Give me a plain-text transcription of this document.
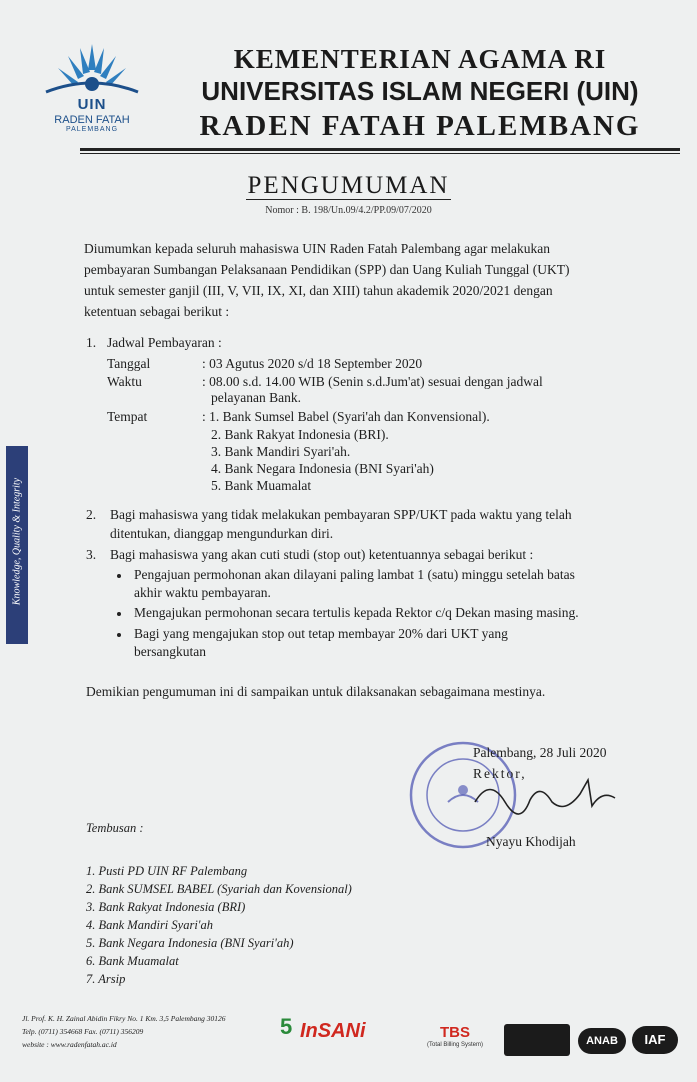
UIN
RADEN FATAH
PALEMBANG
KEMENTERIAN AGAMA RI
UNIVERSITAS ISLAM NEGERI (UIN)
RADEN FATAH PALEMBANG
PENGUMUMAN
Nomor : B. 198/Un.09/4.2/PP.09/07/2020
Diumumkan kepada seluruh mahasiswa UIN Raden Fatah Palembang agar melakukan
pembayaran Sumbangan Pelaksanaan Pendidikan (SPP) dan Uang Kuliah Tunggal (UKT)
untuk semester ganjil (III, V, VII, IX, XI, dan XIII) tahun akademik 2020/2021 dengan
ketentuan sebagai berikut :
1. Jadwal Pembayaran :
Tanggal	: 03 Agutus 2020 s/d 18 September 2020
Waktu	: 08.00 s.d. 14.00 WIB (Senin s.d.Jum'at) sesuai dengan jadwal
pelayanan Bank.
Tempat	: 1. Bank Sumsel Babel (Syari'ah dan Konvensional).
2. Bank Rakyat Indonesia (BRI).
3. Bank Mandiri Syari'ah.
4. Bank Negara Indonesia (BNI Syari'ah)
5. Bank Muamalat
Knowledge, Quality & Integrity	2. Bagi mahasiswa yang tidak melakukan pembayaran SPP/UKT pada waktu yang telah
ditentukan, dianggap mengundurkan diri.
3. Bagi mahasiswa yang akan cuti studi (stop out) ketentuannya sebagai berikut :
Pengajuan permohonan akan dilayani paling lambat 1 (satu) minggu setelah batas
akhir waktu pembayaran.
Mengajukan permohonan secara tertulis kepada Rektor c/q Dekan masing masing.
Bagi yang mengajukan stop out tetap membayar 20% dari UKT yang
bersangkutan
Demikian pengumuman ini di sampaikan untuk dilaksanakan sebagaimana mestinya.
Palembang, 28 Juli 2020
Rektor,
Nyayu Khodijah
Tembusan :
1. Pusti PD UIN RF Palembang
2. Bank SUMSEL BABEL (Syariah dan Kovensional)
3. Bank Rakyat Indonesia (BRI)
4. Bank Mandiri Syari'ah
5. Bank Negara Indonesia (BNI Syari'ah)
6. Bank Muamalat
7. Arsip
Jl. Prof. K. H. Zainal Abidin Fikry No. 1 Km. 3,5 Palembang 30126
Telp. (0711) 354668 Fax. (0711) 356209
website : www.radenfatah.ac.id
5 InSANi	TBS
(Total Billing System)	ANAB	IAF
